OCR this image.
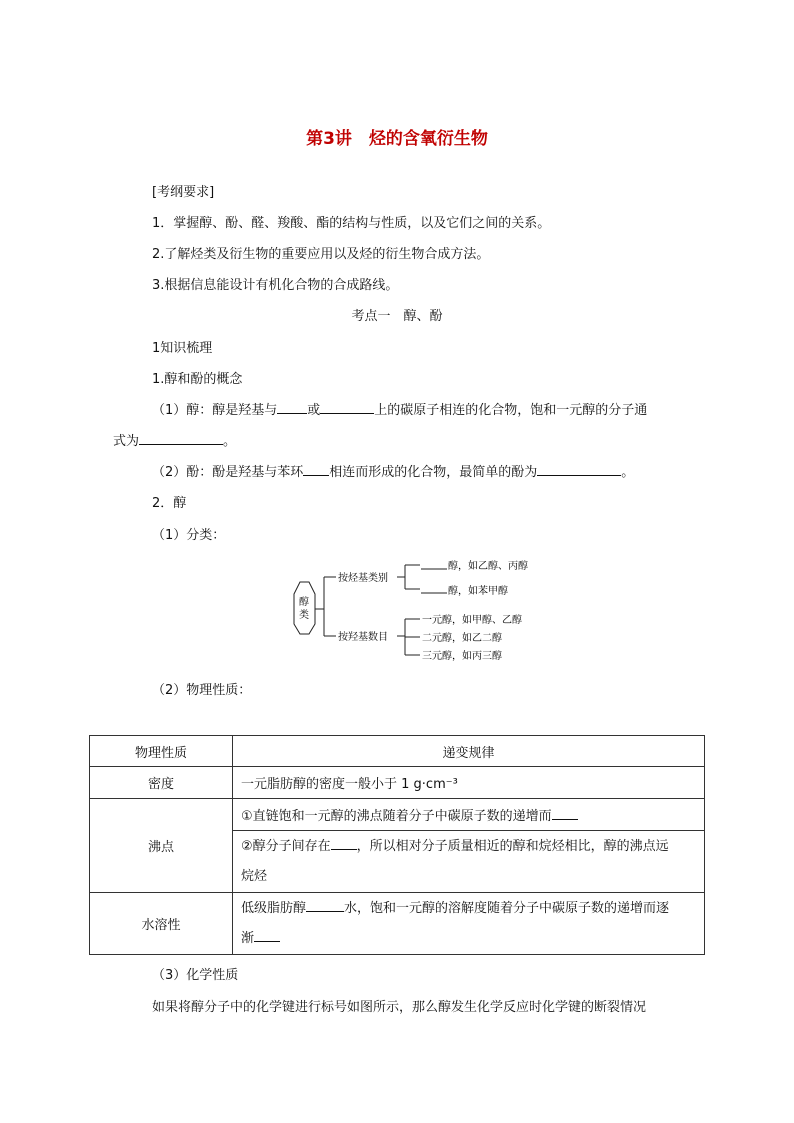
第3讲　烃的含氧衍生物
[考纲要求]
1．掌握醇、酚、醛、羧酸、酯的结构与性质，以及它们之间的关系。
2.了解烃类及衍生物的重要应用以及烃的衍生物合成方法。
3.根据信息能设计有机化合物的合成路线。
考点一　醇、酚
1知识梳理
1.醇和酚的概念
（1）醇：醇是羟基与 或	上的碳原子相连的化合物，饱和一元醇的分子通
式为	。
（2）酚：酚是羟基与苯环 相连而形成的化合物，最简单的酚为	。
2．醇
（1）分类：
醇
类
按烃基类别
按羟基数目
醇，如乙醇、丙醇
醇，如苯甲醇
一元醇，如甲醇、乙醇
二元醇，如乙二醇
三元醇，如丙三醇
（2）物理性质：
物理性质	递变规律
密度	一元脂肪醇的密度一般小于 1 g·cm⁻³
沸点	①直链饱和一元醇的沸点随着分子中碳原子数的递增而
	②醇分子间存在 ，所以相对分子质量相近的醇和烷烃相比，醇的沸点远
烷烃
水溶性	低级脂肪醇 水，饱和一元醇的溶解度随着分子中碳原子数的递增而逐
渐
（3）化学性质
如果将醇分子中的化学键进行标号如图所示，那么醇发生化学反应时化学键的断裂情况
